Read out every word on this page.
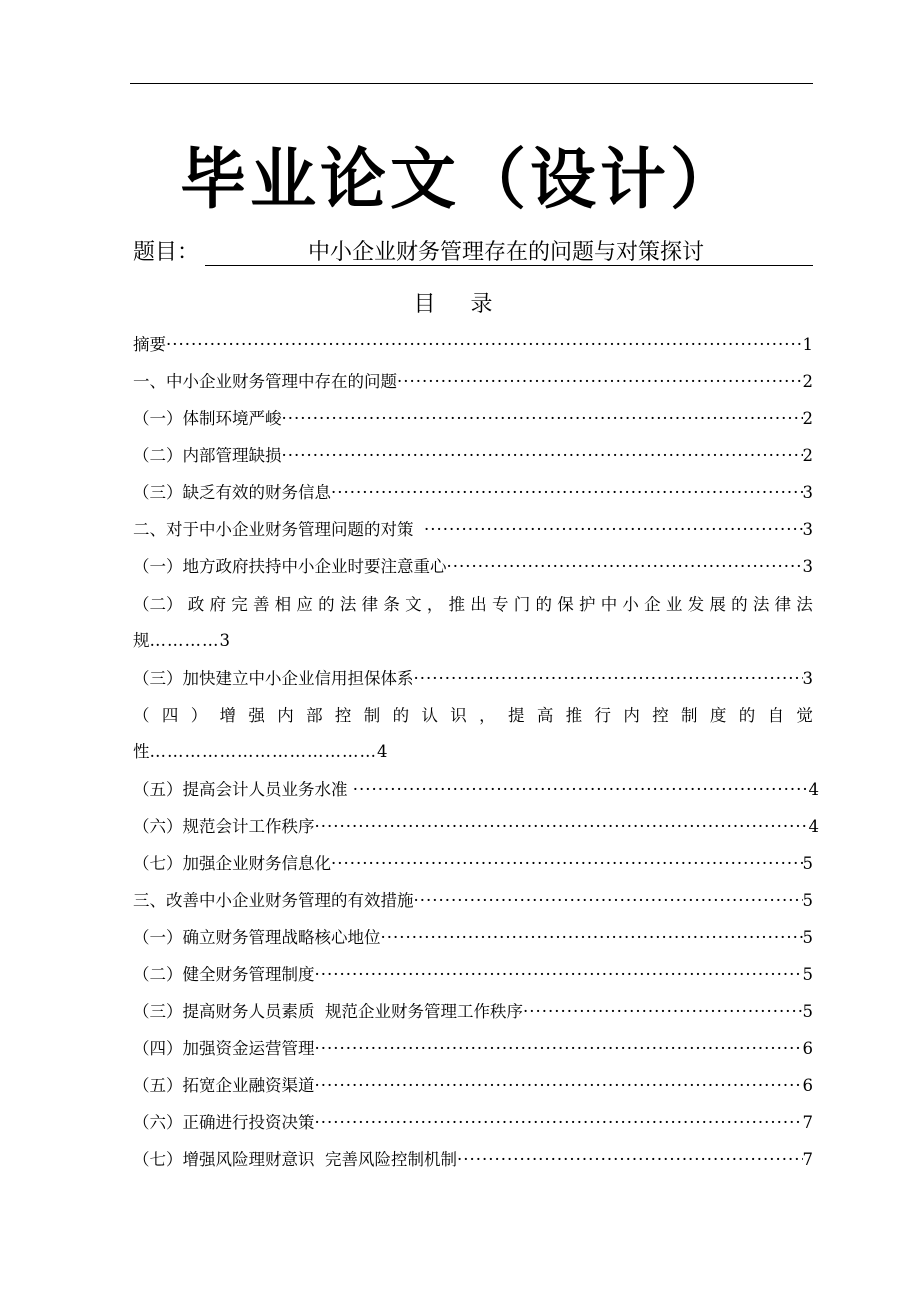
毕业论文（设计）
题目：	中小企业财务管理存在的问题与对策探讨
目 录
摘要 ·····	1
一、中小企业财务管理中存在的问题 ·····	2
（一）体制环境严峻 ·····	2
（二）内部管理缺损 ·····	2
（三）缺乏有效的财务信息 ·····	3
二、对于中小企业财务管理问题的对策 ·····	3
（一）地方政府扶持中小企业时要注意重心 ·····	3
（二） 政 府 完 善 相 应 的 法 律 条 文 ， 推 出 专 门 的 保 护 中 小 企 业 发 展 的 法 律 法
规…………3
（三）加快建立中小企业信用担保体系 ·····	3
（ 四 ） 增 强 内 部 控 制 的 认 识 ， 提 高 推 行 内 控 制 度 的 自 觉
性…………………………………4
（五）提高会计人员业务水准 ·····	4
（六）规范会计工作秩序 ·····	4
（七）加强企业财务信息化 ·····	5
三、改善中小企业财务管理的有效措施 ·····	5
（一）确立财务管理战略核心地位 ·····	5
（二）健全财务管理制度 ·····	5
（三）提高财务人员素质  规范企业财务管理工作秩序 ·····	5
（四）加强资金运营管理 ·····	6
（五）拓宽企业融资渠道 ·····	6
（六）正确进行投资决策 ·····	7
（七）增强风险理财意识  完善风险控制机制 ·····	7
